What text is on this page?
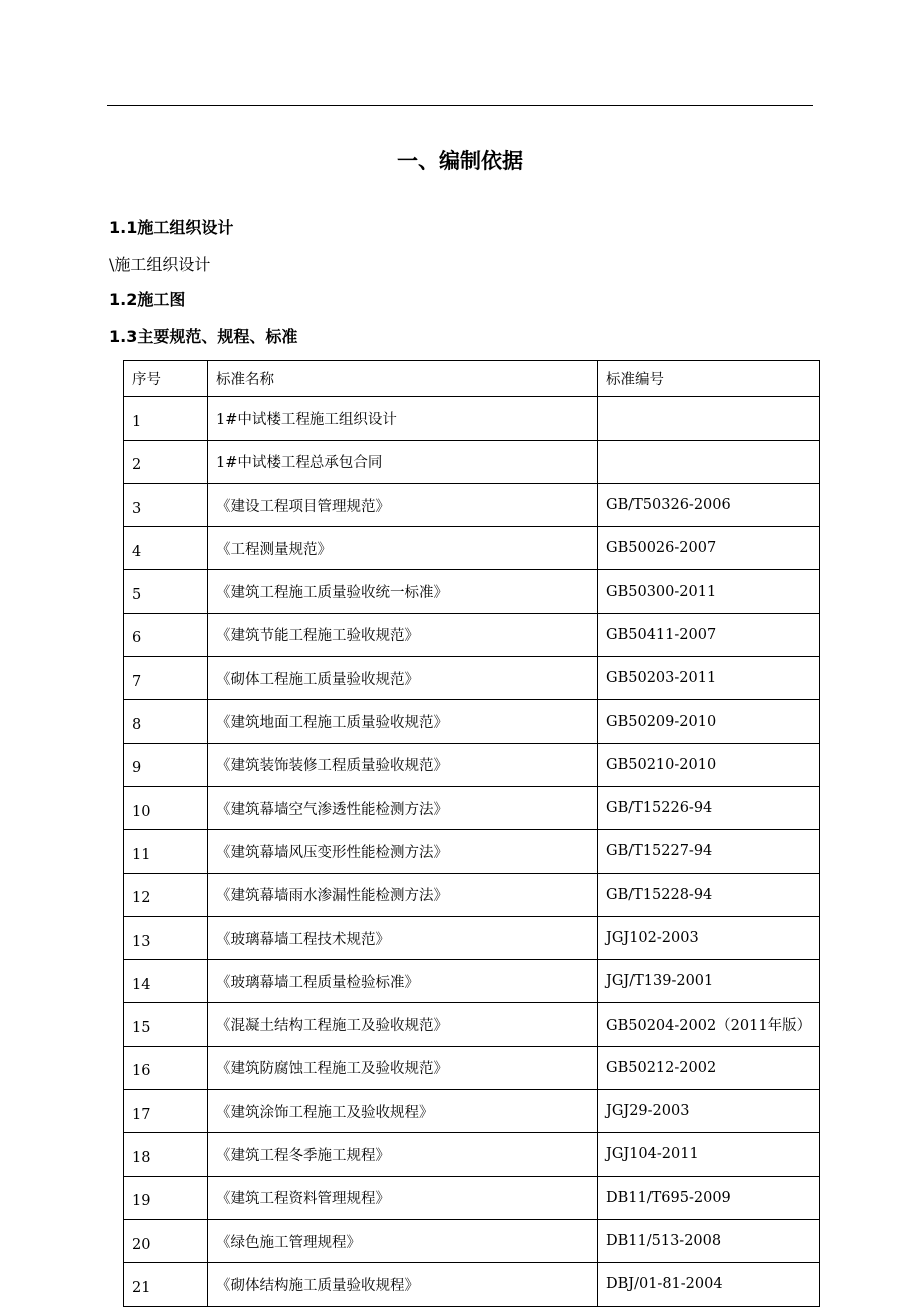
一、编制依据
1.1施工组织设计

\施工组织设计

1.2施工图
1.3主要规范、规程、标准
序号	标准名称	标准编号
1	1#中试楼工程施工组织设计	
2	1#中试楼工程总承包合同	
3	《建设工程项目管理规范》	GB/T50326-2006
4	《工程测量规范》	GB50026-2007
5	《建筑工程施工质量验收统一标准》	GB50300-2011
6	《建筑节能工程施工验收规范》	GB50411-2007
7	《砌体工程施工质量验收规范》	GB50203-2011
8	《建筑地面工程施工质量验收规范》	GB50209-2010
9	《建筑装饰装修工程质量验收规范》	GB50210-2010
10	《建筑幕墙空气渗透性能检测方法》	GB/T15226-94
11	《建筑幕墙风压变形性能检测方法》	GB/T15227-94
12	《建筑幕墙雨水渗漏性能检测方法》	GB/T15228-94
13	《玻璃幕墙工程技术规范》	JGJ102-2003
14	《玻璃幕墙工程质量检验标准》	JGJ/T139-2001
15	《混凝土结构工程施工及验收规范》	GB50204-2002（2011年版）
16	《建筑防腐蚀工程施工及验收规范》	GB50212-2002
17	《建筑涂饰工程施工及验收规程》	JGJ29-2003
18	《建筑工程冬季施工规程》	JGJ104-2011
19	《建筑工程资料管理规程》	DB11/T695-2009
20	《绿色施工管理规程》	DB11/513-2008
21	《砌体结构施工质量验收规程》	DBJ/01-81-2004
